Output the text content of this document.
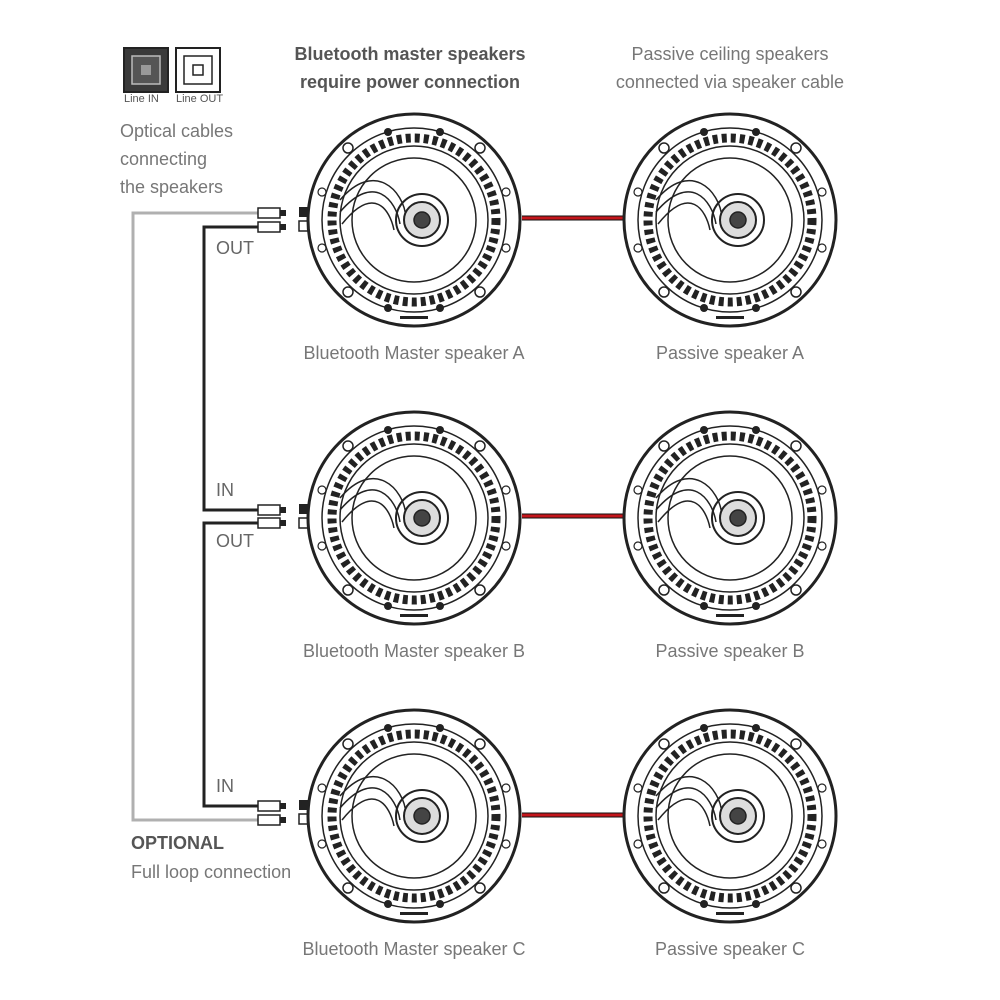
Line IN Line OUT
Optical cables
connecting
the speakers
Bluetooth master speakers
require power connection
Passive ceiling speakers
connected via speaker cable
OUT
IN
OUT
IN
OPTIONAL
Full loop connection
Bluetooth Master speaker A	Passive speaker A
Bluetooth Master speaker B	Passive speaker B
Bluetooth Master speaker C	Passive speaker C
